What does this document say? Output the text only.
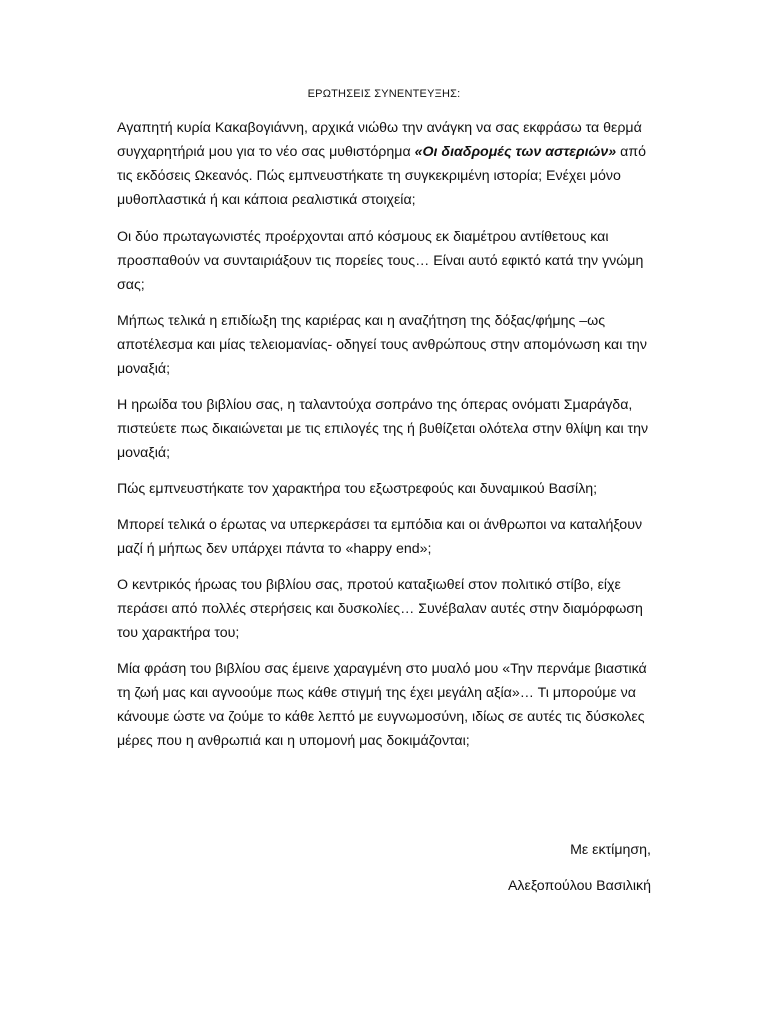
ΕΡΩΤΗΣΕΙΣ ΣΥΝΕΝΤΕΥΞΗΣ:

Αγαπητή κυρία Κακαβογιάννη, αρχικά νιώθω την ανάγκη να σας εκφράσω τα θερμά συγχαρητήριά μου για το νέο σας μυθιστόρημα «Οι διαδρομές των αστεριών» από τις εκδόσεις Ωκεανός. Πώς εμπνευστήκατε τη συγκεκριμένη ιστορία; Ενέχει μόνο μυθοπλαστικά ή και κάποια ρεαλιστικά στοιχεία;

Οι δύο πρωταγωνιστές προέρχονται από κόσμους εκ διαμέτρου αντίθετους και προσπαθούν να συνταιριάξουν τις πορείες τους… Είναι αυτό εφικτό κατά την γνώμη σας;

Μήπως τελικά η επιδίωξη της καριέρας και η αναζήτηση της δόξας/φήμης –ως αποτέλεσμα και μίας τελειομανίας- οδηγεί τους ανθρώπους στην απομόνωση και την μοναξιά;

Η ηρωίδα του βιβλίου σας, η ταλαντούχα σοπράνο της όπερας ονόματι Σμαράγδα, πιστεύετε πως δικαιώνεται με τις επιλογές της ή βυθίζεται ολότελα στην θλίψη και την μοναξιά;

Πώς εμπνευστήκατε τον χαρακτήρα του εξωστρεφούς και δυναμικού Βασίλη;

Μπορεί τελικά ο έρωτας να υπερκεράσει τα εμπόδια και οι άνθρωποι να καταλήξουν μαζί ή μήπως δεν υπάρχει πάντα το «happy end»;

Ο κεντρικός ήρωας του βιβλίου σας, προτού καταξιωθεί στον πολιτικό στίβο, είχε περάσει από πολλές στερήσεις και δυσκολίες… Συνέβαλαν αυτές στην διαμόρφωση του χαρακτήρα του;

Μία φράση του βιβλίου σας έμεινε χαραγμένη στο μυαλό μου «Την περνάμε βιαστικά τη ζωή μας και αγνοούμε πως κάθε στιγμή της έχει μεγάλη αξία»… Τι μπορούμε να κάνουμε ώστε να ζούμε το κάθε λεπτό με ευγνωμοσύνη, ιδίως σε αυτές τις δύσκολες μέρες που η ανθρωπιά και η υπομονή μας δοκιμάζονται;

Με εκτίμηση,
Αλεξοπούλου Βασιλική
